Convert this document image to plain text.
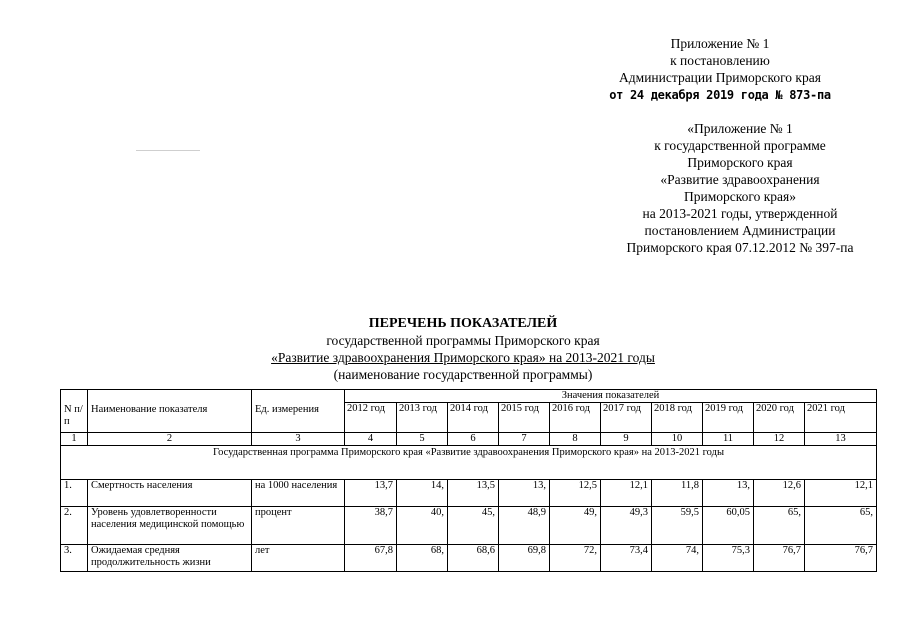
Приложение № 1
к постановлению
Администрации Приморского края
от 24 декабря 2019 года № 873-па
«Приложение № 1
к государственной программе
Приморского края
«Развитие здравоохранения
Приморского края»
на 2013-2021 годы, утвержденной
постановлением Администрации
Приморского края 07.12.2012 № 397-па
ПЕРЕЧЕНЬ ПОКАЗАТЕЛЕЙ
государственной программы Приморского края
«Развитие здравоохранения Приморского края» на 2013-2021 годы
(наименование государственной программы)
N п/п	Наименование показателя	Ед. измерения	Значения показателей									
			2012 год	2013 год	2014 год	2015 год	2016 год	2017 год	2018 год	2019 год	2020 год	2021 год
1	2	3	4	5	6	7	8	9	10	11	12	13
Государственная программа Приморского края «Развитие здравоохранения Приморского края» на 2013-2021 годы												
1.	Смертность населения	на 1000 населения	13,7	14,	13,5	13,	12,5	12,1	11,8	13,	12,6	12,1
2.	Уровень удовлетворенности населения медицинской помощью	процент	38,7	40,	45,	48,9	49,	49,3	59,5	60,05	65,	65,
3.	Ожидаемая средняя продолжительность жизни	лет	67,8	68,	68,6	69,8	72,	73,4	74,	75,3	76,7	76,7
